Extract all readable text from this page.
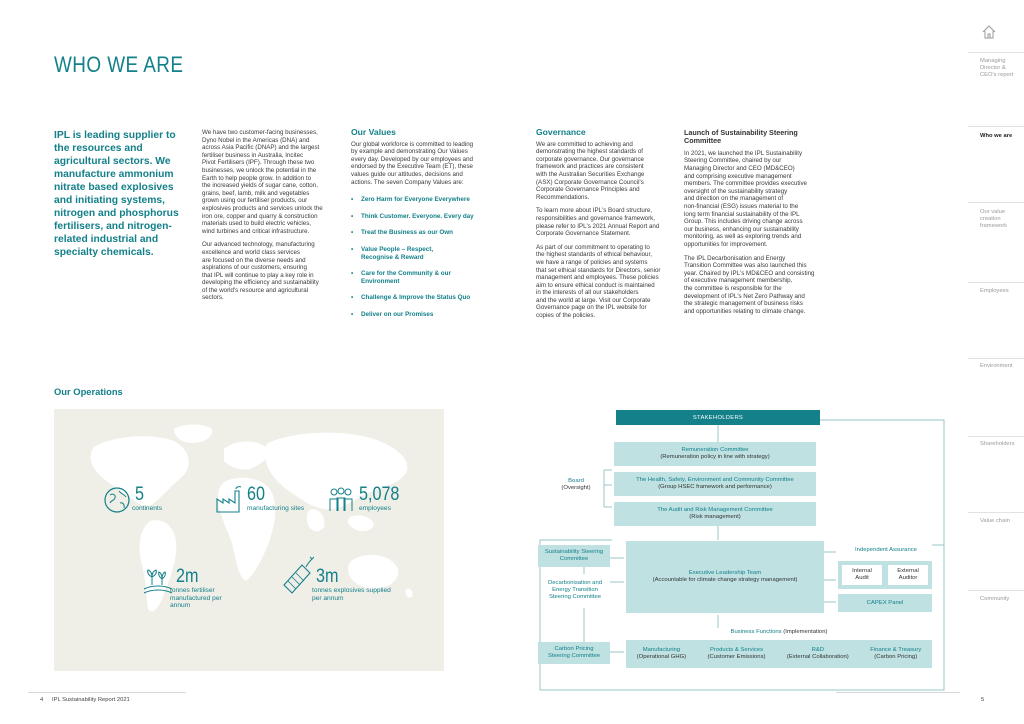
WHO WE ARE
IPL is leading supplier to the resources and agricultural sectors. We manufacture ammonium nitrate based explosives and initiating systems, nitrogen and phosphorus fertilisers, and nitrogen-related industrial and specialty chemicals.

We have two customer-facing businesses,
Dyno Nobel in the Americas (DNA) and
across Asia Pacific (DNAP) and the largest
fertiliser business in Australia, Incitec
Pivot Fertilisers (IPF). Through these two
businesses, we unlock the potential in the
Earth to help people grow. In addition to
the increased yields of sugar cane, cotton,
grains, beef, lamb, milk and vegetables
grown using our fertiliser products, our
explosives products and services unlock the
iron ore, copper and quarry & construction
materials used to build electric vehicles,
wind turbines and critical infrastructure.

Our advanced technology, manufacturing
excellence and world class services
are focused on the diverse needs and
aspirations of our customers, ensuring
that IPL will continue to play a key role in
developing the efficiency and sustainability
of the world's resource and agricultural
sectors.

Our Values

Our global workforce is committed to leading
by example and demonstrating Our Values
every day. Developed by our employees and
endorsed by the Executive Team (ET), these
values guide our attitudes, decisions and
actions. The seven Company Values are:

• Zero Harm for Everyone Everywhere
• Think Customer. Everyone. Every day
• Treat the Business as our Own
• Value People – Respect, Recognise & Reward
• Care for the Community & our Environment
• Challenge & Improve the Status Quo
• Deliver on our Promises
Governance

We are committed to achieving and
demonstrating the highest standards of
corporate governance. Our governance
framework and practices are consistent
with the Australian Securities Exchange
(ASX) Corporate Governance Council's
Corporate Governance Principles and
Recommendations.

To learn more about IPL's Board structure,
responsibilities and governance framework,
please refer to IPL's 2021 Annual Report and
Corporate Governance Statement.

As part of our commitment to operating to
the highest standards of ethical behaviour,
we have a range of policies and systems
that set ethical standards for Directors, senior
management and employees. These policies
aim to ensure ethical conduct is maintained
in the interests of all our stakeholders
and the world at large. Visit our Corporate
Governance page on the IPL website for
copies of the policies.

Launch of Sustainability Steering
Committee

In 2021, we launched the IPL Sustainability
Steering Committee, chaired by our
Managing Director and CEO (MD&CEO)
and comprising executive management
members. The committee provides executive
oversight of the sustainability strategy
and direction on the management of
non-financial (ESG) issues material to the
long term financial sustainability of the IPL
Group. This includes driving change across
our business, enhancing our sustainability
monitoring, as well as exploring trends and
opportunities for improvement.

The IPL Decarbonisation and Energy
Transition Committee was also launched this
year. Chaired by IPL's MD&CEO and consisting
of executive management membership,
the committee is responsible for the
development of IPL's Net Zero Pathway and
the strategic management of business risks
and opportunities relating to climate change.

Our Operations
5
continents
60
manufacturing sites
5,078
employees
2m
tonnes fertiliser manufactured per annum
3m
tonnes explosives supplied per annum
STAKEHOLDERS
Board
(Oversight)
Remuneration Committee
(Remuneration policy in line with strategy)
The Health, Safety, Environment and Community Committee
(Group HSEC framework and performance)
The Audit and Risk Management Committee
(Risk management)
Sustainability Steering
Committee
Decarbonisation and
Energy Transition
Steering Committee
Executive Leadership Team
(Accountable for climate change strategy management)
Independent Assurance
Internal
Audit
External
Auditor
CAPEX Panel
Business Functions (Implementation)
Carbon Pricing
Steering Committee
Manufacturing
(Operational GHG)
Products & Services
(Customer Emissions)
R&D
(External Collaboration)
Finance & Treasury
(Carbon Pricing)
Managing Director & CEO's report
Who we are
Our value creation framework
Employees
Environment
Shareholders
Value chain
Community
4 IPL Sustainability Report 2021	5
